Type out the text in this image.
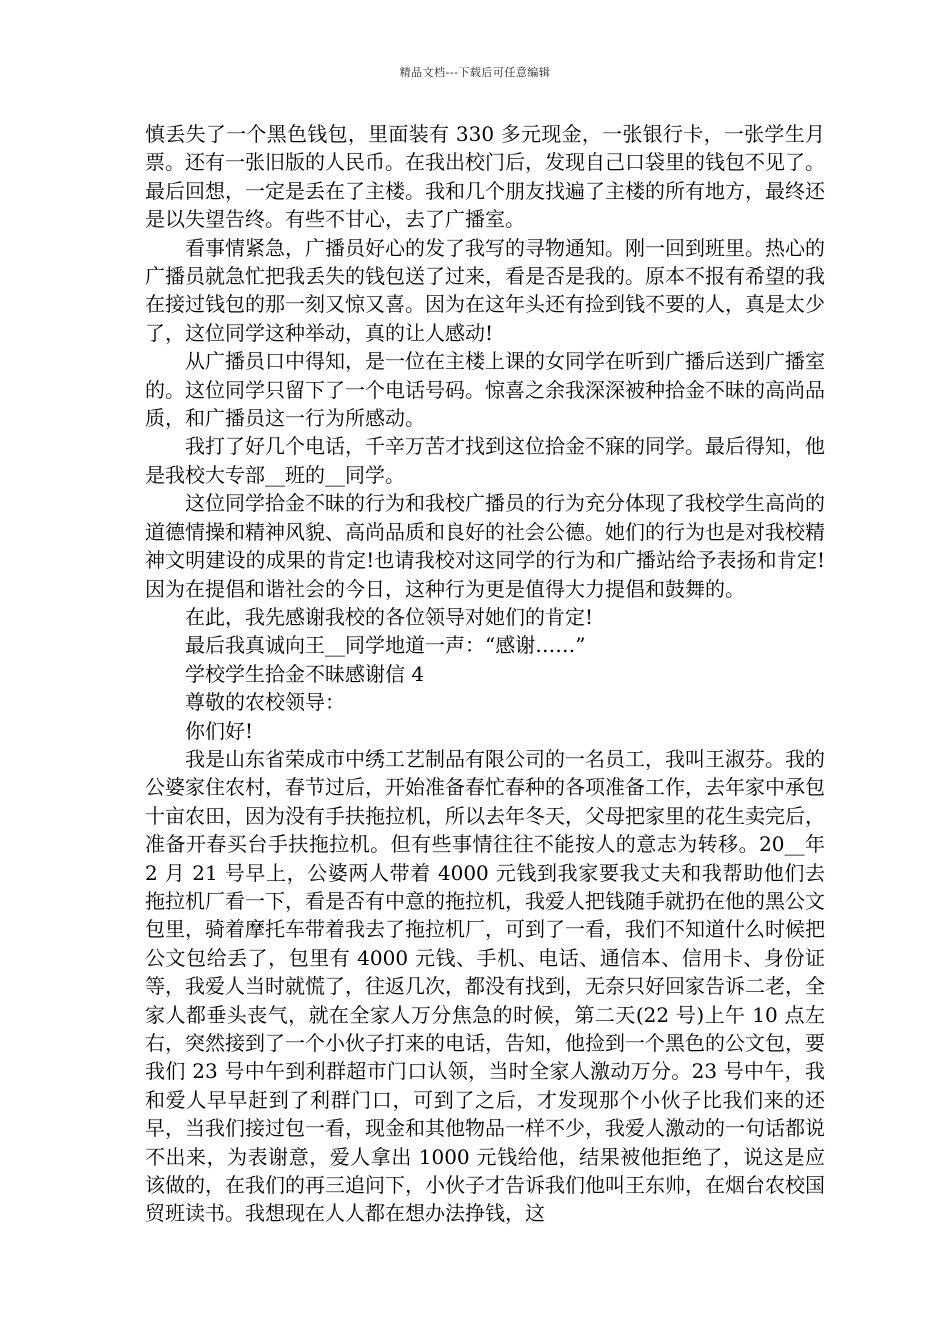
精品文档---下载后可任意编辑

慎丢失了一个黑色钱包，里面装有 330 多元现金，一张银行卡，一张学生月票。还有一张旧版的人民币。在我出校门后，发现自己口袋里的钱包不见了。最后回想，一定是丢在了主楼。我和几个朋友找遍了主楼的所有地方，最终还是以失望告终。有些不甘心，去了广播室。

看事情紧急，广播员好心的发了我写的寻物通知。刚一回到班里。热心的广播员就急忙把我丢失的钱包送了过来，看是否是我的。原本不报有希望的我在接过钱包的那一刻又惊又喜。因为在这年头还有捡到钱不要的人，真是太少了，这位同学这种举动，真的让人感动!

从广播员口中得知，是一位在主楼上课的女同学在听到广播后送到广播室的。这位同学只留下了一个电话号码。惊喜之余我深深被种拾金不昧的高尚品质，和广播员这一行为所感动。

我打了好几个电话，千辛万苦才找到这位拾金不寐的同学。最后得知，他是我校大专部__班的__同学。

这位同学拾金不昧的行为和我校广播员的行为充分体现了我校学生高尚的道德情操和精神风貌、高尚品质和良好的社会公德。她们的行为也是对我校精神文明建设的成果的肯定!也请我校对这同学的行为和广播站给予表扬和肯定!因为在提倡和谐社会的今日，这种行为更是值得大力提倡和鼓舞的。

在此，我先感谢我校的各位领导对她们的肯定!

最后我真诚向王__同学地道一声：“感谢……”

学校学生拾金不昧感谢信 4

尊敬的农校领导：

你们好!

我是山东省荣成市中绣工艺制品有限公司的一名员工，我叫王淑芬。我的公婆家住农村，春节过后，开始准备春忙春种的各项准备工作，去年家中承包十亩农田，因为没有手扶拖拉机，所以去年冬天，父母把家里的花生卖完后，准备开春买台手扶拖拉机。但有些事情往往不能按人的意志为转移。20__年 2 月 21 号早上，公婆两人带着 4000 元钱到我家要我丈夫和我帮助他们去拖拉机厂看一下，看是否有中意的拖拉机，我爱人把钱随手就扔在他的黑公文包里，骑着摩托车带着我去了拖拉机厂，可到了一看，我们不知道什么时候把公文包给丢了，包里有 4000 元钱、手机、电话、通信本、信用卡、身份证等，我爱人当时就慌了，往返几次，都没有找到，无奈只好回家告诉二老，全家人都垂头丧气，就在全家人万分焦急的时候，第二天(22 号)上午 10 点左右，突然接到了一个小伙子打来的电话，告知，他捡到一个黑色的公文包，要我们 23 号中午到利群超市门口认领，当时全家人激动万分。23 号中午，我和爱人早早赶到了利群门口，可到了之后，才发现那个小伙子比我们来的还早，当我们接过包一看，现金和其他物品一样不少，我爱人激动的一句话都说不出来，为表谢意，爱人拿出 1000 元钱给他，结果被他拒绝了，说这是应该做的，在我们的再三追问下，小伙子才告诉我们他叫王东帅，在烟台农校国贸班读书。我想现在人人都在想办法挣钱，这
